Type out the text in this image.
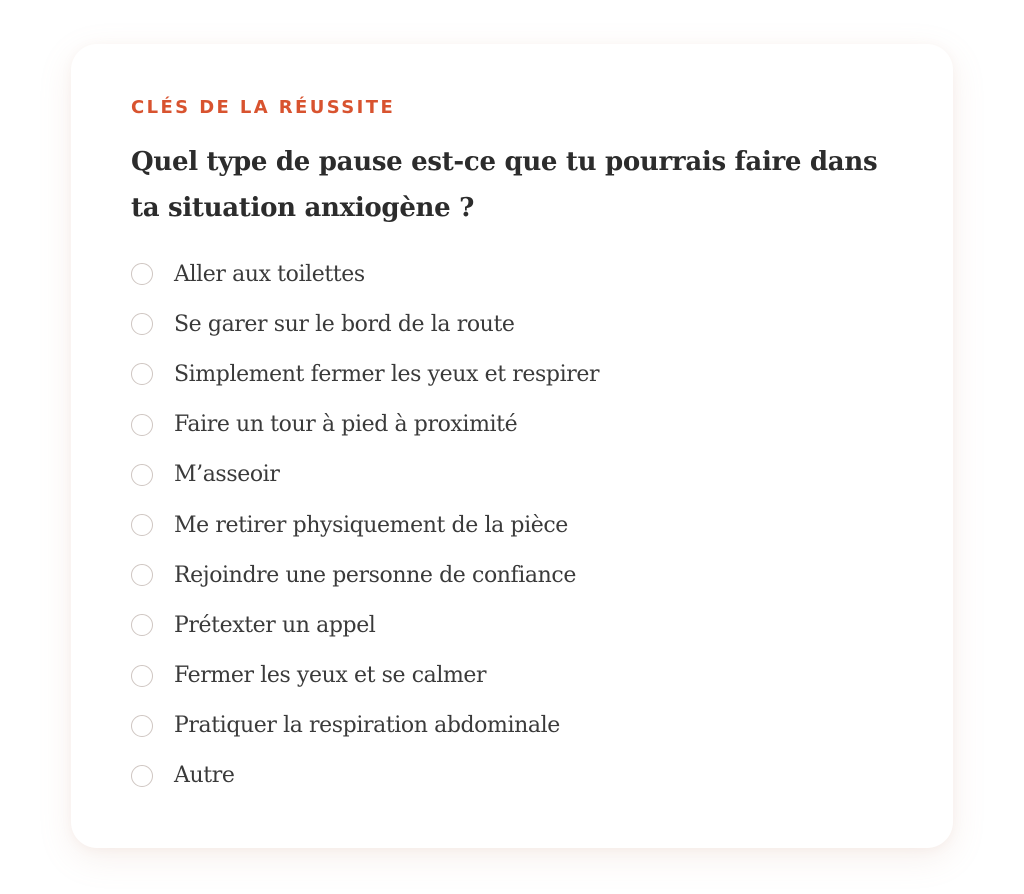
CLÉS DE LA RÉUSSITE

Quel type de pause est-ce que tu pourrais faire dans ta situation anxiogène ?
Aller aux toilettes
Se garer sur le bord de la route
Simplement fermer les yeux et respirer
Faire un tour à pied à proximité
M’asseoir
Me retirer physiquement de la pièce
Rejoindre une personne de confiance
Prétexter un appel
Fermer les yeux et se calmer
Pratiquer la respiration abdominale
Autre
